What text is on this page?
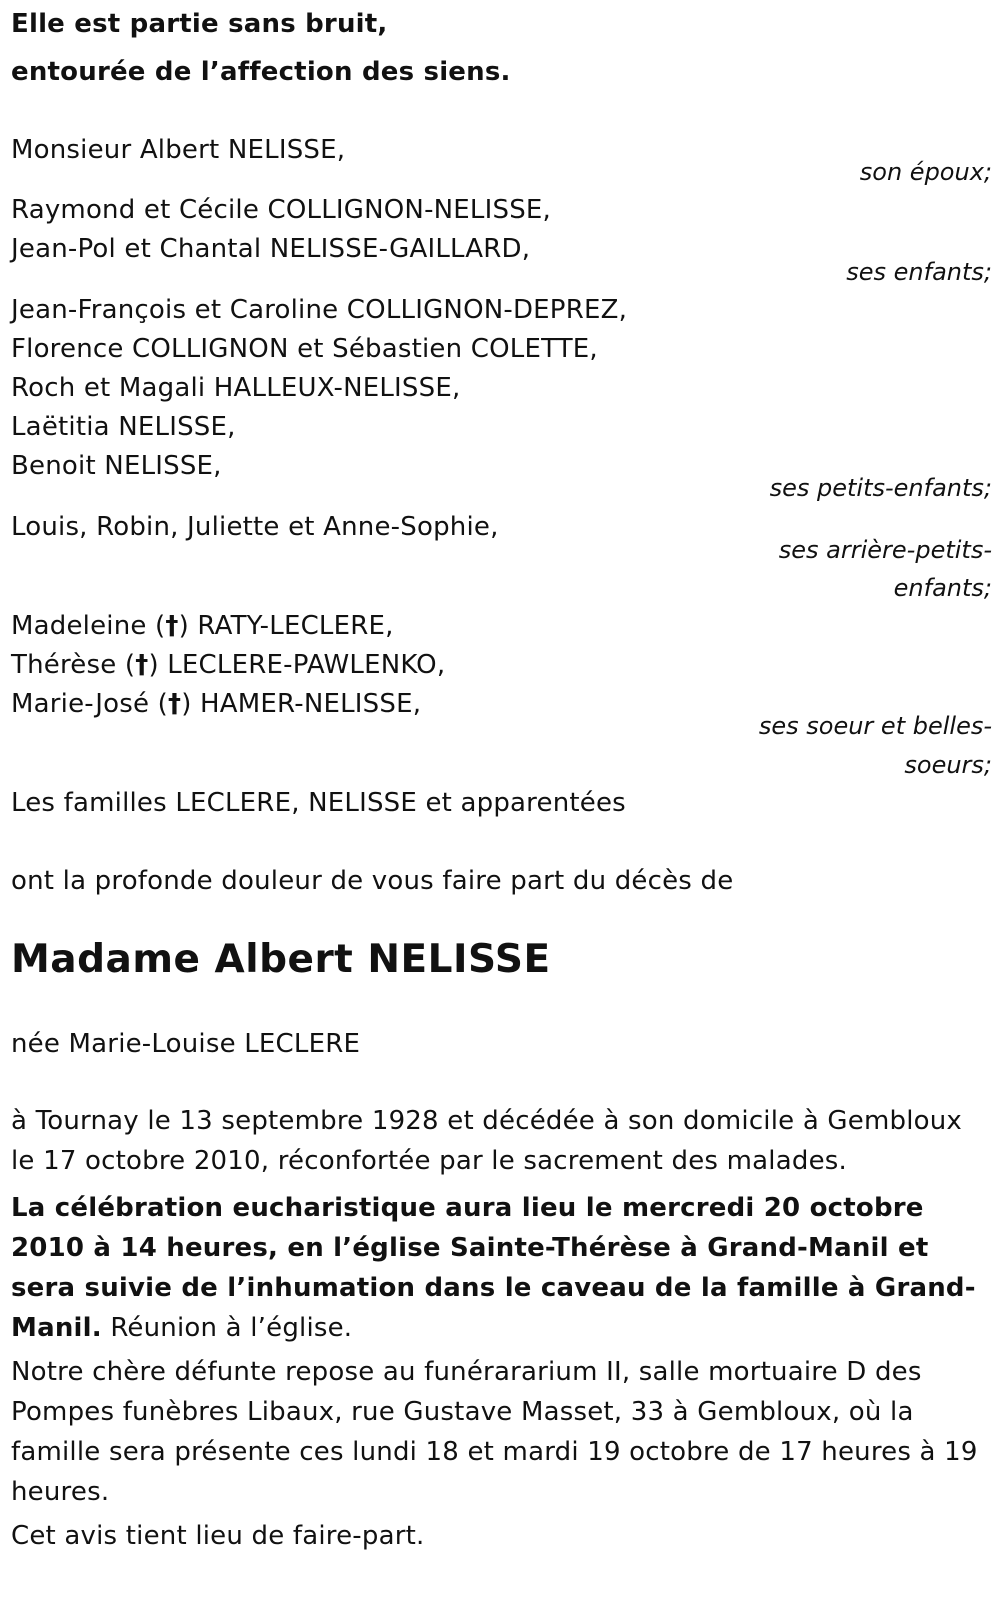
Elle est partie sans bruit,
entourée de l’affection des siens.
Monsieur Albert NELISSE,
son époux;
Raymond et Cécile COLLIGNON-NELISSE,
Jean-Pol et Chantal NELISSE-GAILLARD,
ses enfants;
Jean-François et Caroline COLLIGNON-DEPREZ,
Florence COLLIGNON et Sébastien COLETTE,
Roch et Magali HALLEUX-NELISSE,
Laëtitia NELISSE,
Benoit NELISSE,
ses petits-enfants;
Louis, Robin, Juliette et Anne-Sophie,
ses arrière-petits-
enfants;
Madeleine (†) RATY-LECLERE,
Thérèse (†) LECLERE-PAWLENKO,
Marie-José (†) HAMER-NELISSE,
ses soeur et belles-
soeurs;
Les familles LECLERE, NELISSE et apparentées
ont la profonde douleur de vous faire part du décès de
Madame Albert NELISSE
née Marie-Louise LECLERE
à Tournay le 13 septembre 1928 et décédée à son domicile à Gembloux le 17 octobre 2010, réconfortée par le sacrement des malades.
La célébration eucharistique aura lieu le mercredi 20 octobre 2010 à 14 heures, en l’église Sainte-Thérèse à Grand-Manil et sera suivie de l’inhumation dans le caveau de la famille à Grand-Manil. Réunion à l’église.
Notre chère défunte repose au funérararium II, salle mortuaire D des Pompes funèbres Libaux, rue Gustave Masset, 33 à Gembloux, où la famille sera présente ces lundi 18 et mardi 19 octobre de 17 heures à 19 heures.
Cet avis tient lieu de faire-part.
